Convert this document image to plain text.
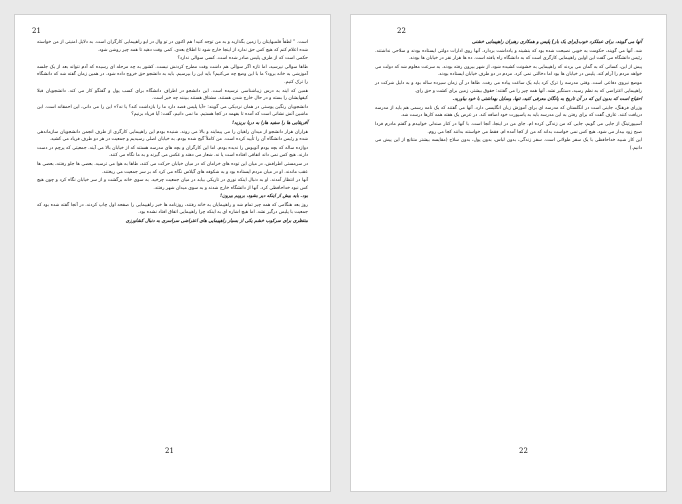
21

است. ” لطفاً قلمبهایتان را زمین بگذارید و به من توجه کنید! هم اکنون در تو وال در ایو راهپیمایی کارگران است. به دلایل امنیتی از من خواسته شده اعلام کنم که هیچ کس حق ندارد از اینجا خارج شود تا اطلاع بعدی. کمی وقت دهید تا همه چیز روشن شود.

حکمی است که از طرف پلیس صادر شده است. کسی سوالی ندارد؟

طاها سوالی نپرسید، اما تازه اگر سوالی هم داشت وقت مطرح کردنش نیست. کشور به چه مرحله ای رسیده که آدم نتواند بعد از یک جلسه آموزشی به خانه برود؟ ما با این وضع چه می‌کنیم؟ باید این را بپرسیم. باید به دانشجو حق خروج داده شود. در همین زمان گفته شد که دانشگاه را ترک کنیم.

همین که اینه به درس زیباشناسی نرسیده است. این دانشجو در اطراف دانشگاه برای کسب پول و گفتگو کار می کند. دانشجویان قبلا کیفهایشان را بسته و در حال خارج شدن هستند. مشتاق هستند ببینند چه خبر است.

دانشجویان رنگین پوستی در همان نزدیکی می گویند: «آیا پلیس قصد دارد ما را بازداشت کند؟ یا نه؟» این را می دانی، این احمقانه است. این ماشین آتش نشانی است که آمده تا بفهمد در کجا هستیم. ما نمی دانیم، گفت: آیا فریاد بزنیم؟

آفریقایی ها را سفید هارا به دریا بریزید!

هزاران هزار دانشجو از میدان راهیان را می پیمایند و بالا می روند. شنیده بودم این راهپیمایی کارگری از طرف انجمن دانشجویان سازماندهی شده و رئیس دانشگاه آن را تأیید کرده است. من کاملاً گیج شده بودم. به خیابان اصلی رسیدیم و جمعیت در هر دو طرف فریاد می کشید.

دوازده ساله که بچه بودم آتوبوس را ندیده بودم. اما این کارگران و بچه های مدرسه هستند که از خیابان بالا می آیند. جمعیتی که پرچم در دست دارند. هیچ کس نمی داند اتفاقی افتاده است یا نه. شعار می دهند و عکس می گیرند و به ما نگاه می کنند.

در سرمستی اطرافش، در میان این توده های خرامان که در میان خیابان حرکت می کنند، طاها به هوا می ترسید. بعضی ها جلو رفتند، بعضی ها عقب ماندند. او در میان مردم ایستاده بود و به شکوفه های گیلاس نگاه می کرد که بر سر جمعیت می ریختند.

آنها در انتظار آمدند. او به دنبال اینکه نوری در تاریکی بیابد در میان جمعیت چرخید. به سوی خانه برگشت و از سر خیابان نگاه کرد و چون هیچ کس نبود خداحافظی کرد. آنها از دانشگاه خارج شدند و به سوی میدان شهر رفتند.

بود. باید بیش از اینکه دیر بشود، برویم بیرون!

روز بعد هنگامی که همه چیز تمام شد و راهپیمایان به خانه رفتند، روزنامه ها خبر راهپیمایی را صفحه اول چاپ کردند. در آنجا گفته شده بود که جمعیت با پلیس درگیر نشد. اما هیچ اشاره ای به اینکه چرا راهپیمایی اتفاق افتاد نشده بود.

منتظری برای سرکوب خشم یکی از بسیار راهپیمایی های اعتراضی سراسری به دنبال کشاورزی

21
22

آنها می گویند، برای عملکرد خوب‌[برای یک بار] پلیس و همکاری رهبران راهپیمایی خشنی

شد. آنها می گویند، حکومت به خوبی نصیحت شده بود که بنشیند و یادداشت بردارد. آنها روی ادارات دولتی ایستاده بودند و سلاحی نداشتند. رئیس دانشگاه می گفت این اولین راهپیمایی کارگری است که به دانشگاه راه یافته است. ده ها هزار نفر در خیابان ها بودند.

پیش از این، کسانی که به گمان می بردند که راهپیمایی به خشونت کشیده شود، از شهر بیرون رفته بودند. به سرعت معلوم شد که دولت می خواهد مردم را آرام کند. پلیس در خیابان ها بود اما دخالتی نمی کرد. مردم در دو طرف خیابان ایستاده بودند.

موضع نیروی دفاعی است. وقتی مدرسه را ترک کرد باید یک ساعت پیاده می رفت. طاها در آن زمان سیزده ساله بود و به دلیل شرکت در راهپیمایی اعتراضی که به نظم رسید، دستگیر نشد. آنها همه چیز را می گفتند: حقوق بیشتر، زمین برای کشت و حق رای.

احتیاج است که بدون این که در آن تاریخ به پانگان معرفی کنید، تنها، وسایل بهداشتی با خود بیاورید.

وزرای فرهنگ، جاینی است در انگلستان که مدرسه ای برای آموزش زبان انگلیسی دارد. آنها می گفتند که یک نامه رسمی هم باید از مدرسه دریافت کنند. عارف گفت که برای رفتن به این مدرسه باید به پاسپورت خود اضافه کند. در عرض یک هفته همه کارها درست شد.

آسیپورتینگ از جایی می گویم، جایی که من زندگی کرده ام. جای من در اینجا، آنجا است. با آنها در کنار صندلی خوابیدم و گفتم مادرم فردا صبح زود بیدار می شود. هیچ کس نمی خواست بداند که من از کجا آمده ام. فقط می خواستند بدانند کجا می روم.

این کار شبیه خداحافظی با یک سفر طولانی است. سفر زندگی، بدون لباس، بدون پول، بدون سلاح (مقایسه بیشتر متنانع از این پیش می دانیم.)

22
